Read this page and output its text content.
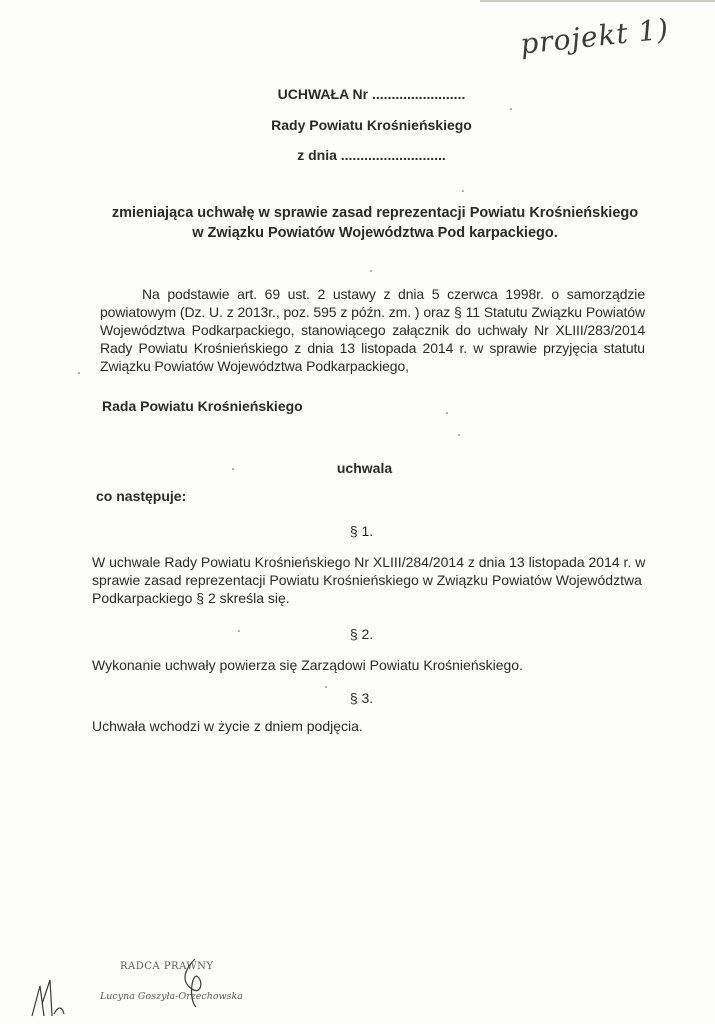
projekt 1)
UCHWAŁA Nr ........................
Rady Powiatu Krośnieńskiego
z dnia ...........................
zmieniająca uchwałę w sprawie zasad reprezentacji Powiatu Krośnieńskiego w Związku Powiatów Województwa Pod karpackiego.
Na podstawie art. 69 ust. 2 ustawy z dnia 5 czerwca 1998r. o samorządzie powiatowym (Dz. U. z 2013r., poz. 595 z późn. zm. ) oraz § 11 Statutu Związku Powiatów Województwa Podkarpackiego, stanowiącego załącznik do uchwały Nr XLIII/283/2014 Rady Powiatu Krośnieńskiego z dnia 13 listopada 2014 r. w sprawie przyjęcia statutu Związku Powiatów Województwa Podkarpackiego,
Rada Powiatu Krośnieńskiego
uchwala
co następuje:
§ 1.
W uchwale Rady Powiatu Krośnieńskiego Nr XLIII/284/2014 z dnia 13 listopada 2014 r. w sprawie zasad reprezentacji Powiatu Krośnieńskiego w Związku Powiatów Województwa Podkarpackiego § 2 skreśla się.
§ 2.
Wykonanie uchwały powierza się Zarządowi Powiatu Krośnieńskiego.
§ 3.
Uchwała wchodzi w życie z dniem podjęcia.
RADCA PRAWNY
Lucyna Goszyła-Orzechowska
